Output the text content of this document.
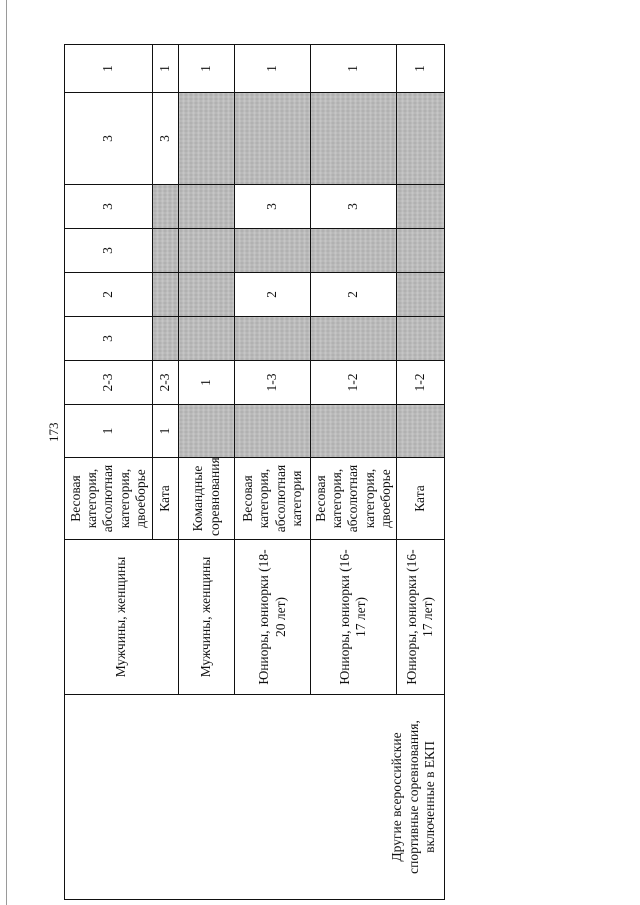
173
Другие всероссийские спортивные соревнования, включенные в ЕКП	Мужчины, женщины	Весовая категория, абсолютная категория, двоеборье	1	2-3	3	2	3	3	3	1
		Ката	1	2-3					3	1
	Мужчины, женщины	Командные соревнования		1						1
	Юниоры, юниорки (18-20 лет)	Весовая категория, абсолютная категория		1-3		2		3		1
	Юниоры, юниорки (16-17 лет)	Весовая категория, абсолютная категория, двоеборье		1-2		2		3		1
	Юниоры, юниорки (16-17 лет)	Ката		1-2						1
